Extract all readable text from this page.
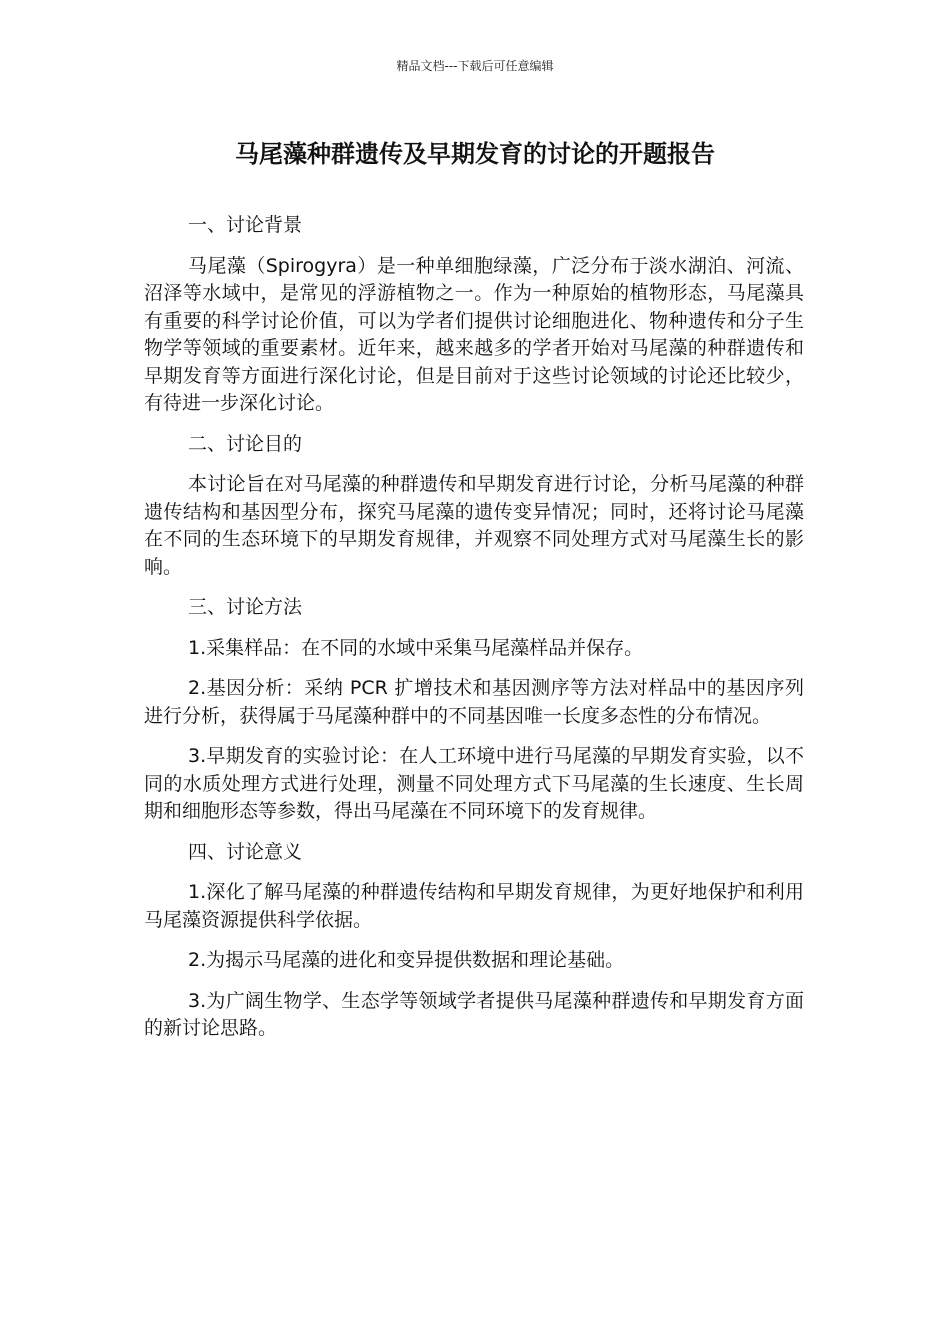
精品文档---下载后可任意编辑
马尾藻种群遗传及早期发育的讨论的开题报告

一、讨论背景

马尾藻（Spirogyra）是一种单细胞绿藻，广泛分布于淡水湖泊、河流、沼泽等水域中，是常见的浮游植物之一。作为一种原始的植物形态，马尾藻具有重要的科学讨论价值，可以为学者们提供讨论细胞进化、物种遗传和分子生物学等领域的重要素材。近年来，越来越多的学者开始对马尾藻的种群遗传和早期发育等方面进行深化讨论，但是目前对于这些讨论领域的讨论还比较少，有待进一步深化讨论。

二、讨论目的

本讨论旨在对马尾藻的种群遗传和早期发育进行讨论，分析马尾藻的种群遗传结构和基因型分布，探究马尾藻的遗传变异情况；同时，还将讨论马尾藻在不同的生态环境下的早期发育规律，并观察不同处理方式对马尾藻生长的影响。

三、讨论方法

1.采集样品：在不同的水域中采集马尾藻样品并保存。

2.基因分析：采纳 PCR 扩增技术和基因测序等方法对样品中的基因序列进行分析，获得属于马尾藻种群中的不同基因唯一长度多态性的分布情况。

3.早期发育的实验讨论：在人工环境中进行马尾藻的早期发育实验，以不同的水质处理方式进行处理，测量不同处理方式下马尾藻的生长速度、生长周期和细胞形态等参数，得出马尾藻在不同环境下的发育规律。

四、讨论意义

1.深化了解马尾藻的种群遗传结构和早期发育规律，为更好地保护和利用马尾藻资源提供科学依据。

2.为揭示马尾藻的进化和变异提供数据和理论基础。

3.为广阔生物学、生态学等领域学者提供马尾藻种群遗传和早期发育方面的新讨论思路。
